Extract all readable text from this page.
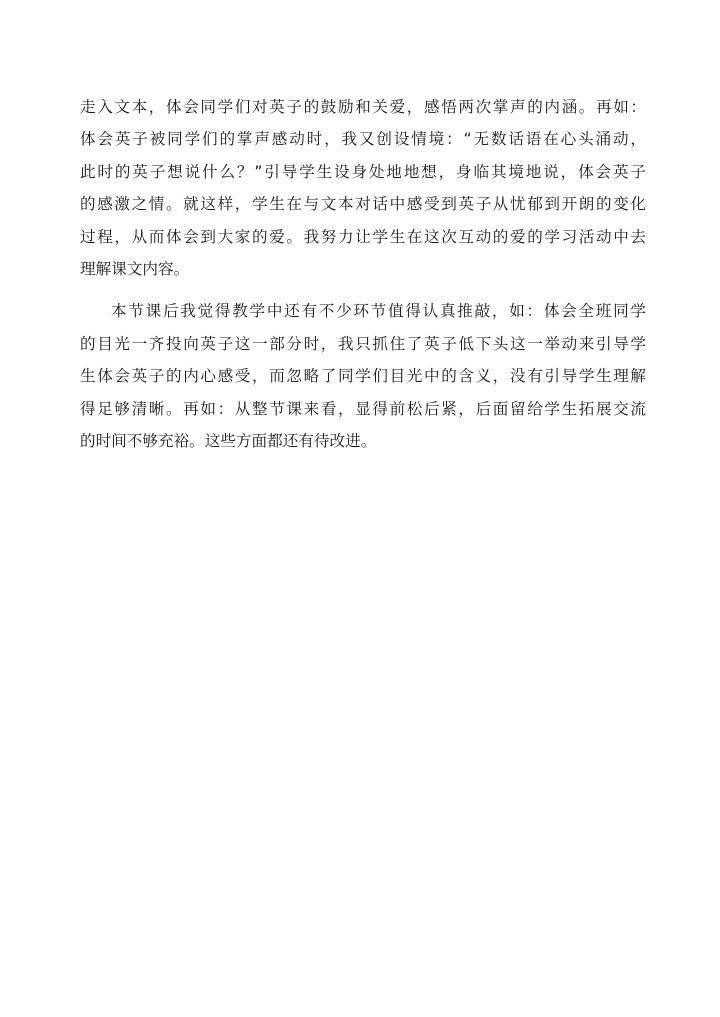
走入文本，体会同学们对英子的鼓励和关爱，感悟两次掌声的内涵。再如：
体会英子被同学们的掌声感动时，我又创设情境：“无数话语在心头涌动，
此时的英子想说什么？”引导学生设身处地地想，身临其境地说，体会英子
的感激之情。就这样，学生在与文本对话中感受到英子从忧郁到开朗的变化
过程，从而体会到大家的爱。我努力让学生在这次互动的爱的学习活动中去
理解课文内容。
本节课后我觉得教学中还有不少环节值得认真推敲，如：体会全班同学
的目光一齐投向英子这一部分时，我只抓住了英子低下头这一举动来引导学
生体会英子的内心感受，而忽略了同学们目光中的含义，没有引导学生理解
得足够清晰。再如：从整节课来看，显得前松后紧，后面留给学生拓展交流
的时间不够充裕。这些方面都还有待改进。
